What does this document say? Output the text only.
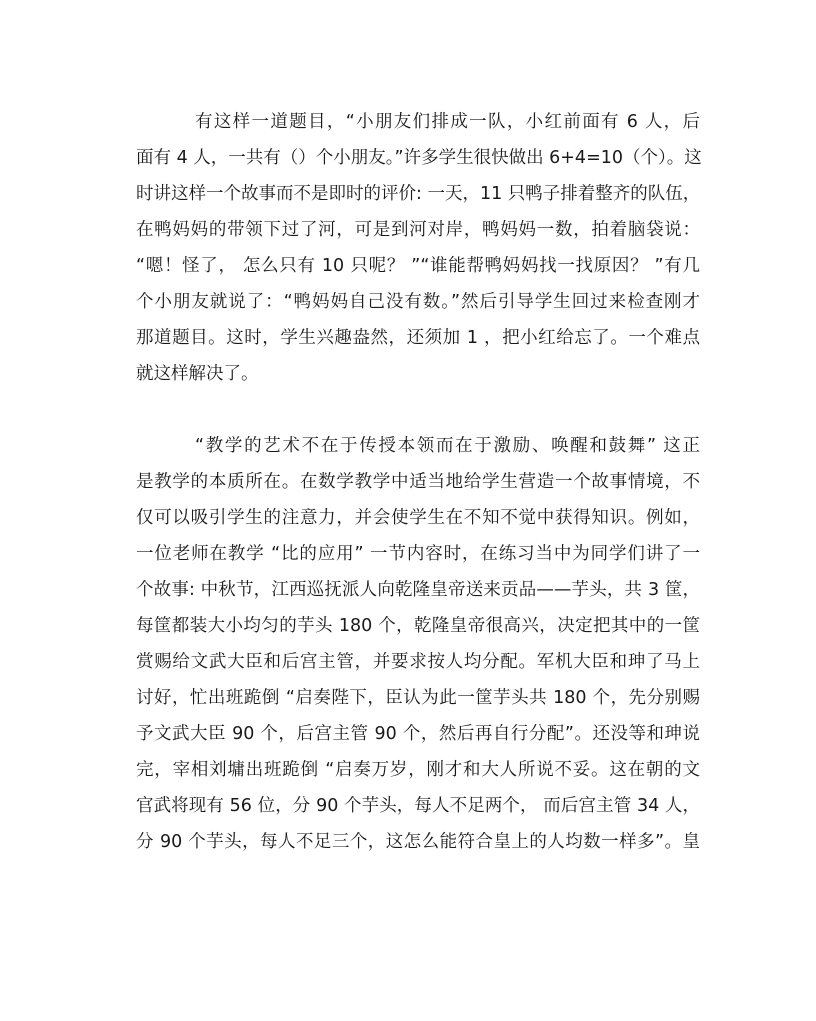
有这样一道题目，“小朋友们排成一队，小红前面有 6 人，后
面有 4 人，一共有（）个小朋友。”许多学生很快做出 6+4=10（个）。这
时讲这样一个故事而不是即时的评价: 一天，11 只鸭子排着整齐的队伍，
在鸭妈妈的带领下过了河，可是到河对岸，鸭妈妈一数，拍着脑袋说：
“嗯！怪了， 怎么只有 10 只呢？ ”“谁能帮鸭妈妈找一找原因？ ”有几
个小朋友就说了：“鸭妈妈自己没有数。”然后引导学生回过来检查刚才
那道题目。这时，学生兴趣盎然，还须加 1 ，把小红给忘了。一个难点
就这样解决了。
“教学的艺术不在于传授本领而在于激励、唤醒和鼓舞” 这正
是教学的本质所在。在数学教学中适当地给学生营造一个故事情境，不
仅可以吸引学生的注意力，并会使学生在不知不觉中获得知识。例如，
一位老师在教学 “比的应用” 一节内容时，在练习当中为同学们讲了一
个故事: 中秋节，江西巡抚派人向乾隆皇帝送来贡品——芋头，共 3 筐，
每筐都装大小均匀的芋头 180 个，乾隆皇帝很高兴，决定把其中的一筐
赏赐给文武大臣和后宫主管，并要求按人均分配。军机大臣和珅了马上
讨好，忙出班跪倒 “启奏陛下，臣认为此一筐芋头共 180 个，先分别赐
予文武大臣 90 个，后宫主管 90 个，然后再自行分配”。还没等和珅说
完，宰相刘墉出班跪倒 “启奏万岁，刚才和大人所说不妥。这在朝的文
官武将现有 56 位，分 90 个芋头，每人不足两个， 而后宫主管 34 人，
分 90 个芋头，每人不足三个，这怎么能符合皇上的人均数一样多”。皇
